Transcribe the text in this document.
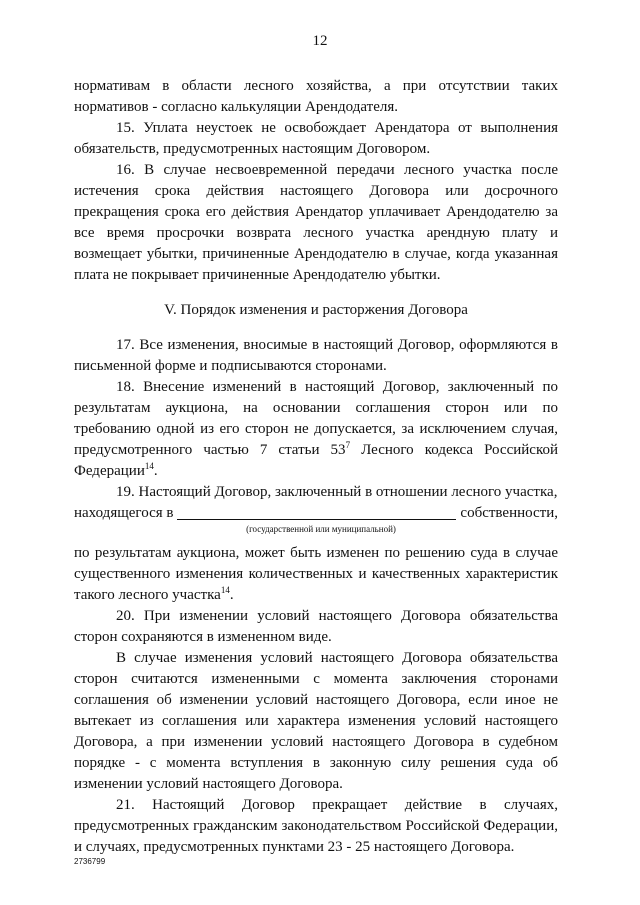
12

нормативам в области лесного хозяйства, а при отсутствии таких нормативов - согласно калькуляции Арендодателя.

15. Уплата неустоек не освобождает Арендатора от выполнения обязательств, предусмотренных настоящим Договором.

16. В случае несвоевременной передачи лесного участка после истечения срока действия настоящего Договора или досрочного прекращения срока его действия Арендатор уплачивает Арендодателю за все время просрочки возврата лесного участка арендную плату и возмещает убытки, причиненные Арендодателю в случае, когда указанная плата не покрывает причиненные Арендодателю убытки.

V. Порядок изменения и расторжения Договора

17. Все изменения, вносимые в настоящий Договор, оформляются в письменной форме и подписываются сторонами.

18. Внесение изменений в настоящий Договор, заключенный по результатам аукциона, на основании соглашения сторон или по требованию одной из его сторон не допускается, за исключением случая, предусмотренного частью 7 статьи $53^7$ Лесного кодекса Российской Федерации$^{14}$.

19. Настоящий Договор, заключенный в отношении лесного участка,

находящегося в	собственности,
(государственной или муниципальной)

по результатам аукциона, может быть изменен по решению суда в случае существенного изменения количественных и качественных характеристик такого лесного участка$^{14}$.

20. При изменении условий настоящего Договора обязательства сторон сохраняются в измененном виде.

В случае изменения условий настоящего Договора обязательства сторон считаются измененными с момента заключения сторонами соглашения об изменении условий настоящего Договора, если иное не вытекает из соглашения или характера изменения условий настоящего Договора, а при изменении условий настоящего Договора в судебном порядке - с момента вступления в законную силу решения суда об изменении условий настоящего Договора.

21. Настоящий Договор прекращает действие в случаях, предусмотренных гражданским законодательством Российской Федерации, и случаях, предусмотренных пунктами 23 - 25 настоящего Договора.

2736799
